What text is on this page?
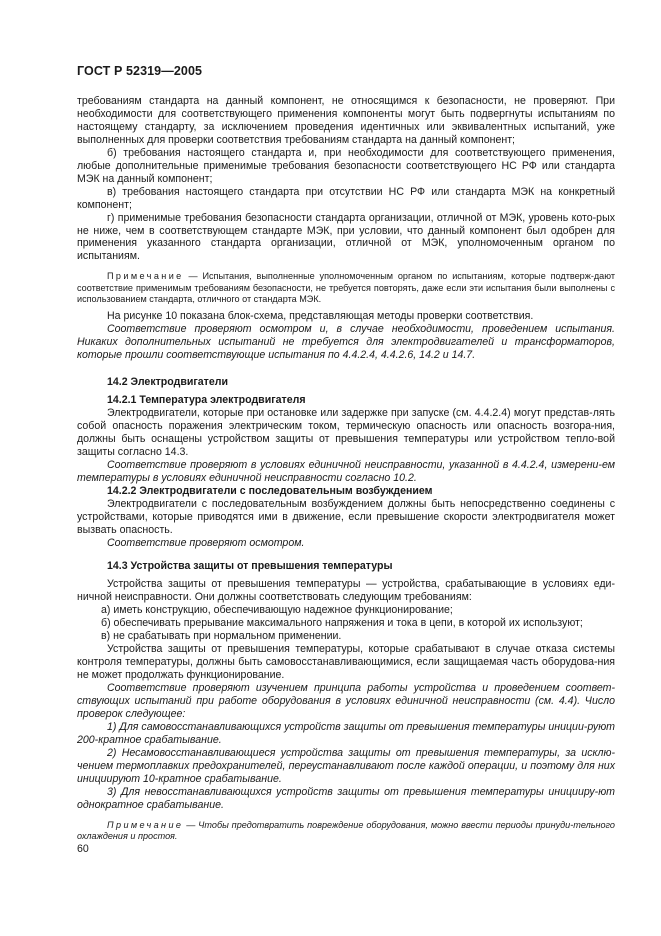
ГОСТ Р 52319—2005

требованиям стандарта на данный компонент, не относящимся к безопасности, не проверяют. При необходимости для соответствующего применения компоненты могут быть подвергнуты испытаниям по настоящему стандарту, за исключением проведения идентичных или эквивалентных испытаний, уже выполненных для проверки соответствия требованиям стандарта на данный компонент;

б) требования настоящего стандарта и, при необходимости для соответствующего применения, любые дополнительные применимые требования безопасности соответствующего НС РФ или стандарта МЭК на данный компонент;

в) требования настоящего стандарта при отсутствии НС РФ или стандарта МЭК на конкретный компонент;

г) применимые требования безопасности стандарта организации, отличной от МЭК, уровень кото-рых не ниже, чем в соответствующем стандарте МЭК, при условии, что данный компонент был одобрен для применения указанного стандарта организации, отличной от МЭК, уполномоченным органом по испытаниям.

Примечание — Испытания, выполненные уполномоченным органом по испытаниям, которые подтверж-дают соответствие применимым требованиям безопасности, не требуется повторять, даже если эти испытания были выполнены с использованием стандарта, отличного от стандарта МЭК.

На рисунке 10 показана блок-схема, представляющая методы проверки соответствия.

Соответствие проверяют осмотром и, в случае необходимости, проведением испытания. Никаких дополнительных испытаний не требуется для электродвигателей и трансформаторов, которые прошли соответствующие испытания по 4.4.2.4, 4.4.2.6, 14.2 и 14.7.

14.2 Электродвигатели

14.2.1 Температура электродвигателя

Электродвигатели, которые при остановке или задержке при запуске (см. 4.4.2.4) могут представ-лять собой опасность поражения электрическим током, термическую опасность или опасность возгора-ния, должны быть оснащены устройством защиты от превышения температуры или устройством тепло-вой защиты согласно 14.3.

Соответствие проверяют в условиях единичной неисправности, указанной в 4.4.2.4, измерени-ем температуры в условиях единичной неисправности согласно 10.2.

14.2.2 Электродвигатели с последовательным возбуждением

Электродвигатели с последовательным возбуждением должны быть непосредственно соединены с устройствами, которые приводятся ими в движение, если превышение скорости электродвигателя может вызвать опасность.

Соответствие проверяют осмотром.

14.3 Устройства защиты от превышения температуры

Устройства защиты от превышения температуры — устройства, срабатывающие в условиях еди-ничной неисправности. Они должны соответствовать следующим требованиям:

а) иметь конструкцию, обеспечивающую надежное функционирование;

б) обеспечивать прерывание максимального напряжения и тока в цепи, в которой их используют;

в) не срабатывать при нормальном применении.

Устройства защиты от превышения температуры, которые срабатывают в случае отказа системы контроля температуры, должны быть самовосстанавливающимися, если защищаемая часть оборудова-ния не может продолжать функционирование.

Соответствие проверяют изучением принципа работы устройства и проведением соответ-ствующих испытаний при работе оборудования в условиях единичной неисправности (см. 4.4). Число проверок следующее:

1) Для самовосстанавливающихся устройств защиты от превышения температуры иниции-руют 200-кратное срабатывание.

2) Несамовосстанавливающиеся устройства защиты от превышения температуры, за исклю-чением термоплавких предохранителей, переустанавливают после каждой операции, и поэтому для них инициируют 10-кратное срабатывание.

3) Для невосстанавливающихся устройств защиты от превышения температуры иницииру-ют однократное срабатывание.

Примечание — Чтобы предотвратить повреждение оборудования, можно ввести периоды принуди-тельного охлаждения и простоя.

60
